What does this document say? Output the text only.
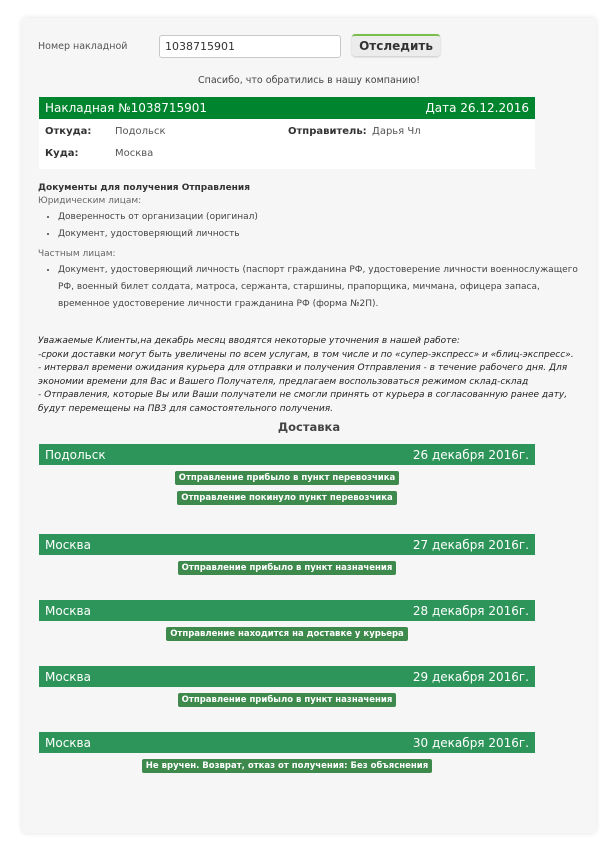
Номер накладной
1038715901	Отследить
Спасибо, что обратились в нашу компанию!
Накладная №1038715901	Дата 26.12.2016
Откуда: Подольск
Куда:	Москва
Отправитель: Дарья Чл
Документы для получения Отправления
Юридическим лицам:
• Доверенность от организации (оригинал)
• Документ, удостоверяющий личность
Частным лицам:
• Документ, удостоверяющий личность (паспорт гражданина РФ, удостоверение личности военнослужащего РФ, военный билет солдата, матроса, сержанта, старшины, прапорщика, мичмана, офицера запаса, временное удостоверение личности гражданина РФ (форма №2П).
Уважаемые Клиенты,на декабрь месяц вводятся некоторые уточнения в нашей работе:
-сроки доставки могут быть увеличены по всем услугам, в том числе и по «супер-экспресс» и «блиц-экспресс».
- интервал времени ожидания курьера для отправки и получения Отправления - в течение рабочего дня. Для экономии времени для Вас и Вашего Получателя, предлагаем воспользоваться режимом склад-склад
- Отправления, которые Вы или Ваши получатели не смогли принять от курьера в согласованную ранее дату, будут перемещены на ПВЗ для самостоятельного получения.
Доставка
Подольск	26 декабря 2016г.
Отправление прибыло в пункт перевозчика
Отправление покинуло пункт перевозчика
Москва	27 декабря 2016г.
Отправление прибыло в пункт назначения
Москва	28 декабря 2016г.
Отправление находится на доставке у курьера
Москва	29 декабря 2016г.
Отправление прибыло в пункт назначения
Москва	30 декабря 2016г.
Не вручен. Возврат, отказ от получения: Без объяснения
